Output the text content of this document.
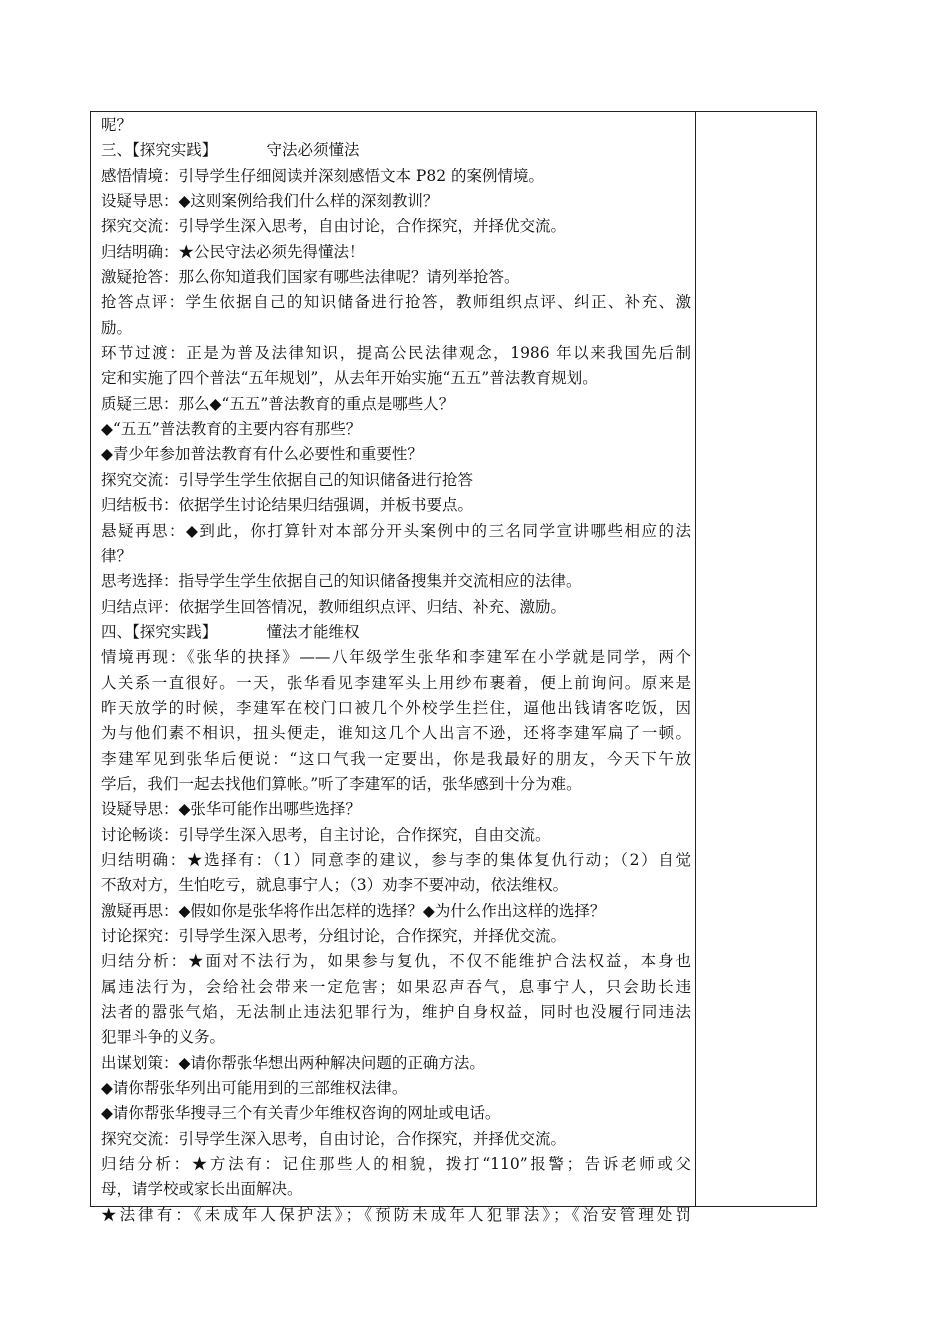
呢？
三、【探究实践】          守法必须懂法
感悟情境：引导学生仔细阅读并深刻感悟文本 P82 的案例情境。
设疑导思：◆这则案例给我们什么样的深刻教训？
探究交流：引导学生深入思考，自由讨论，合作探究，并择优交流。
归结明确：★公民守法必须先得懂法！
激疑抢答：那么你知道我们国家有哪些法律呢？请列举抢答。
抢答点评：学生依据自己的知识储备进行抢答，教师组织点评、纠正、补充、激
励。
环节过渡：正是为普及法律知识，提高公民法律观念，1986 年以来我国先后制
定和实施了四个普法“五年规划”，从去年开始实施“五五”普法教育规划。
质疑三思：那么◆“五五”普法教育的重点是哪些人？
◆“五五”普法教育的主要内容有那些？
◆青少年参加普法教育有什么必要性和重要性？
探究交流：引导学生学生依据自己的知识储备进行抢答
归结板书：依据学生讨论结果归结强调，并板书要点。
悬疑再思：◆到此，你打算针对本部分开头案例中的三名同学宣讲哪些相应的法
律？
思考选择：指导学生学生依据自己的知识储备搜集并交流相应的法律。
归结点评：依据学生回答情况，教师组织点评、归结、补充、激励。
四、【探究实践】          懂法才能维权
情境再现：《张华的抉择》——八年级学生张华和李建军在小学就是同学，两个
人关系一直很好。一天，张华看见李建军头上用纱布裹着，便上前询问。原来是
昨天放学的时候，李建军在校门口被几个外校学生拦住，逼他出钱请客吃饭，因
为与他们素不相识，扭头便走，谁知这几个人出言不逊，还将李建军扁了一顿。
李建军见到张华后便说：“这口气我一定要出，你是我最好的朋友，今天下午放
学后，我们一起去找他们算帐。”听了李建军的话，张华感到十分为难。
设疑导思：◆张华可能作出哪些选择？
讨论畅谈：引导学生深入思考，自主讨论，合作探究，自由交流。
归结明确：★选择有：（1）同意李的建议，参与李的集体复仇行动；（2）自觉
不敌对方，生怕吃亏，就息事宁人；（3）劝李不要冲动，依法维权。
激疑再思：◆假如你是张华将作出怎样的选择？◆为什么作出这样的选择？
讨论探究：引导学生深入思考，分组讨论，合作探究，并择优交流。
归结分析：★面对不法行为，如果参与复仇，不仅不能维护合法权益，本身也
属违法行为，会给社会带来一定危害；如果忍声吞气，息事宁人，只会助长违
法者的嚣张气焰，无法制止违法犯罪行为，维护自身权益，同时也没履行同违法
犯罪斗争的义务。
出谋划策：◆请你帮张华想出两种解决问题的正确方法。
◆请你帮张华列出可能用到的三部维权法律。
◆请你帮张华搜寻三个有关青少年维权咨询的网址或电话。
探究交流：引导学生深入思考，自由讨论，合作探究，并择优交流。
归结分析：★方法有：记住那些人的相貌，拨打“110”报警；告诉老师或父
母，请学校或家长出面解决。
★法律有：《未成年人保护法》；《预防未成年人犯罪法》；《治安管理处罚
